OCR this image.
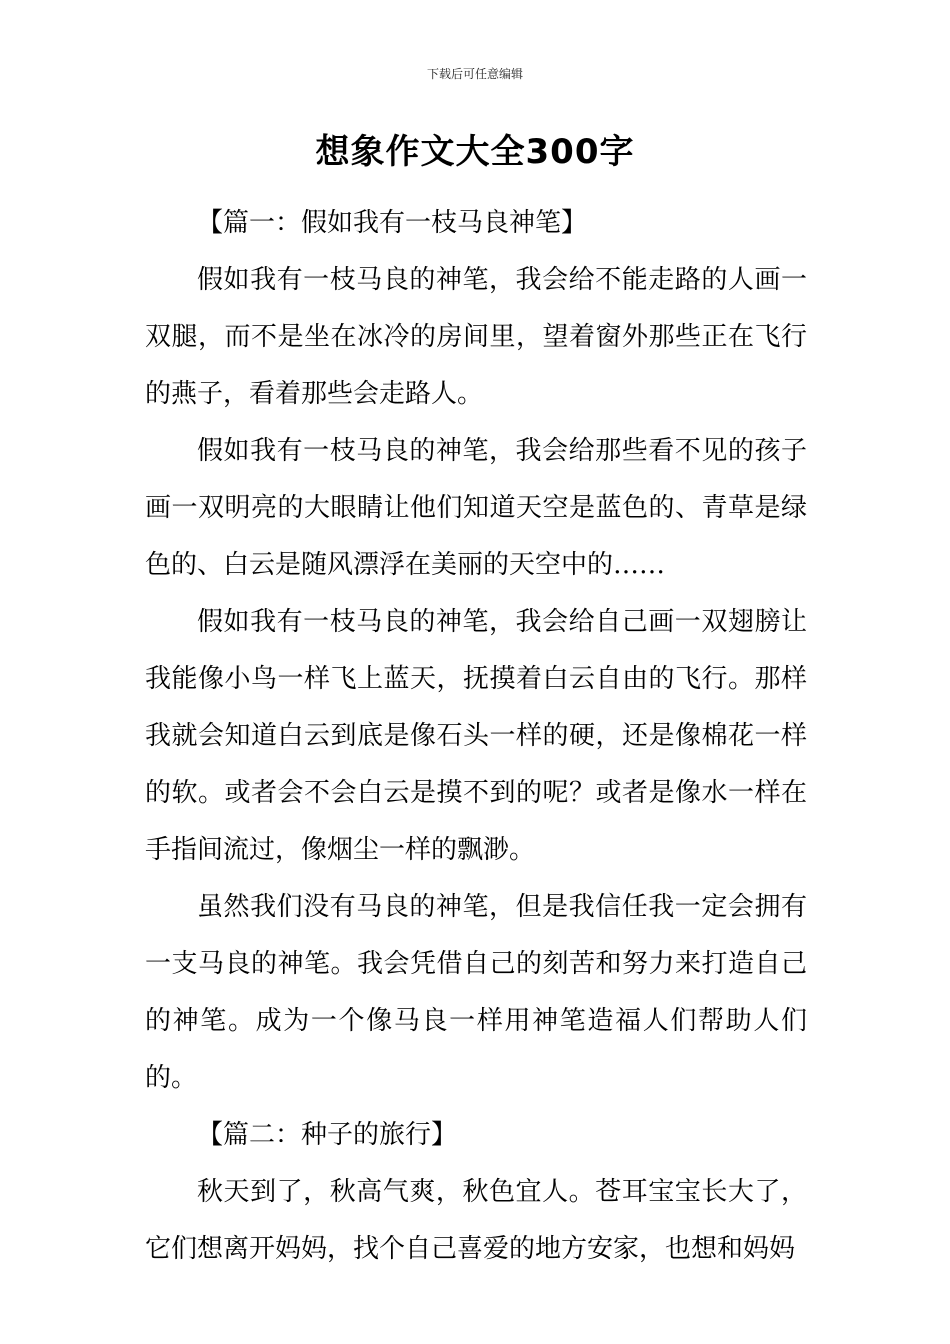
下载后可任意编辑
想象作文大全300字

【篇一：假如我有一枝马良神笔】

假如我有一枝马良的神笔，我会给不能走路的人画一双腿，而不是坐在冰冷的房间里，望着窗外那些正在飞行的燕子，看着那些会走路人。

假如我有一枝马良的神笔，我会给那些看不见的孩子画一双明亮的大眼睛让他们知道天空是蓝色的、青草是绿色的、白云是随风漂浮在美丽的天空中的……

假如我有一枝马良的神笔，我会给自己画一双翅膀让我能像小鸟一样飞上蓝天，抚摸着白云自由的飞行。那样我就会知道白云到底是像石头一样的硬，还是像棉花一样的软。或者会不会白云是摸不到的呢？或者是像水一样在手指间流过，像烟尘一样的飘渺。

虽然我们没有马良的神笔，但是我信任我一定会拥有一支马良的神笔。我会凭借自己的刻苦和努力来打造自己的神笔。成为一个像马良一样用神笔造福人们帮助人们的。

【篇二：种子的旅行】

秋天到了，秋高气爽，秋色宜人。苍耳宝宝长大了，它们想离开妈妈，找个自己喜爱的地方安家，也想和妈妈
